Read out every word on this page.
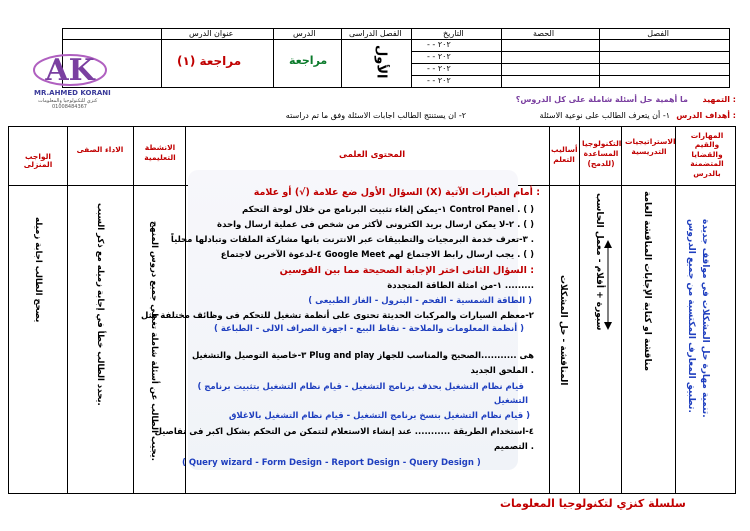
الفصل
الحصة
التاريخ
الفصل الدراسى
الدرس
عنوان الدرس
- - ٢٠٢
- - ٢٠٢
- - ٢٠٢
- - ٢٠٢
الأول
مراجعة
مراجعة (١)
AK
MR.AHMED KORANI
كنزي للتكنولوجيا والمعلومات
01008484367
التمهيد :
ما أهمية حل أسئلة شاملة على كل الدروس؟
أهداف الدرس :
١- أن يتعرف الطالب على نوعية الاسئلة
٢- ان يستنتج الطالب اجابات الاسئلة وفق ما تم دراسته
المهارات والقيم والقضايا المتضمنة بالدرس
الاستراتيجيات التدريسية
التكنولوجيا المساعدة (للدمج)
أساليب التعلم
المحتوى العلمى
الانشطة التعليمية
الاداء الصفى
الواجب المنزلى
تنمية مهارة حل المشكلات في مواقف جديدة.
تطبيق المعارف المكتسبة من جميع الدروس.
مناقشة او كتابة الإجابات المناقشة العامة
سبورة + أقلام - معمل الحاسب
المناقشة - حل المشكلات
يجيب الطالب عن أسئلة شاملة تغطي جميع دروس المنهج.
يحدد الطالب خطأ في إجابة زميله مع ذكر السبب.
يصحح الطالب اجابة زميله
السؤال الأول ضع علامة (√) أو علامة (X) أمام العبارات الآتية :
١-يمكن إلغاء تثبيت البرنامج من خلال لوحة التحكم Control Panel . ( )
٢-لا يمكن ارسال بريد الكترونى لأكثر من شخص فى عملية ارسال واحدة . ( )
٣-تعرف خدمة البرمجيات والتطبيقات عبر الانترنت بانها مشاركة الملفات وتبادلها محلياً .
٤-لدعوة الآخرين لاجتماع Google Meet يجب ارسال رابط الاجتماع لهم . ( )
السؤال الثانى اختر الإجابة الصحيحة مما بين القوسين :
١-من امثلة الطاقة المتجددة .........
( الطاقة الشمسية - الفحم - البترول - الغاز الطبيعى )
٢-معظم السيارات والمركبات الحديثة تحتوى على أنظمة تشغيل للتحكم فى وظائف مختلفة مثل
( أنظمة المعلومات والملاحة - نقاط البيع - اجهزة الصراف الالى - الطباعة )
٣-خاصية التوصيل والتشغيل Plug and play هى ...........الصحيح والمناسب للجهاز
الملحق الجديد .
( قيام نظام التشغيل بحذف برنامج التشغيل - قيام نظام التشغيل بتثبيت برنامج
التشغيل
قيام نظام التشغيل بنسخ برنامج التشغيل - قيام نظام التشغيل بالاغلاق )
٤-استخدام الطريقة ........... عند إنشاء الاستعلام لتتمكن من التحكم بشكل اكبر فى تفاصيل
التصميم .
( Query wizard - Form Design - Report Design - Query Design )
سلسلة كنزي لتكنولوجيا المعلومات
